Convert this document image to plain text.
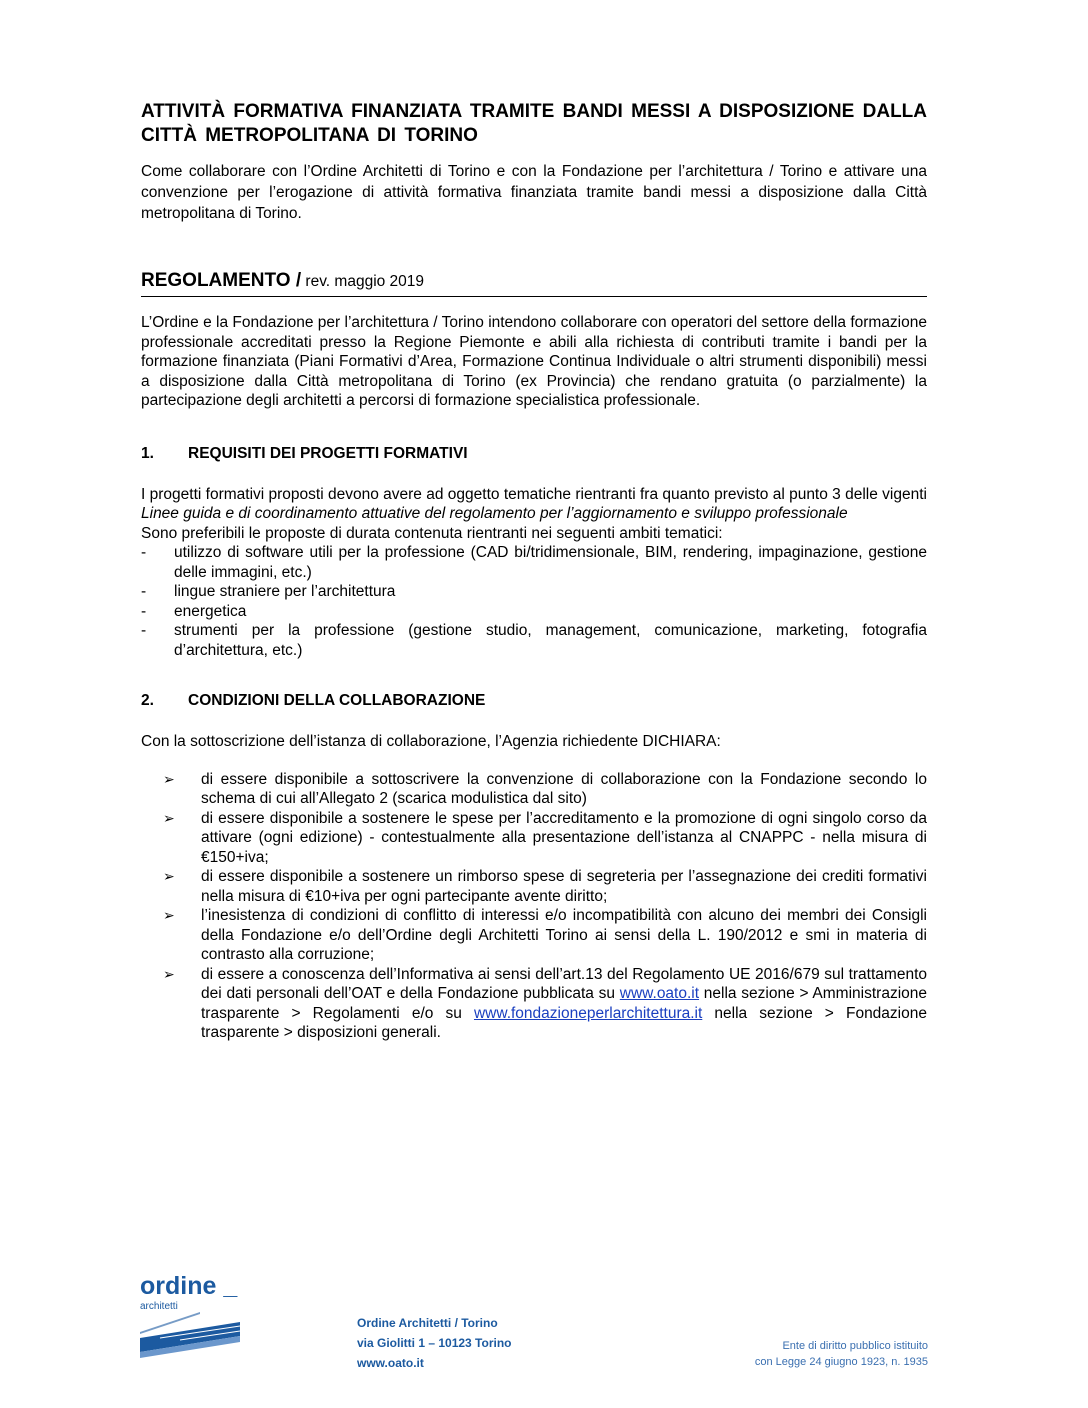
ATTIVITÀ FORMATIVA FINANZIATA TRAMITE BANDI MESSI A DISPOSIZIONE DALLA CITTÀ METROPOLITANA DI TORINO

Come collaborare con l’Ordine Architetti di Torino e con la Fondazione per l’architettura / Torino e attivare una convenzione per l’erogazione di attività formativa finanziata tramite bandi messi a disposizione dalla Città metropolitana di Torino.

REGOLAMENTO / rev. maggio 2019

L’Ordine e la Fondazione per l’architettura / Torino intendono collaborare con operatori del settore della formazione professionale accreditati presso la Regione Piemonte e abili alla richiesta di contributi tramite i bandi per la formazione finanziata (Piani Formativi d’Area, Formazione Continua Individuale o altri strumenti disponibili) messi a disposizione dalla Città metropolitana di Torino (ex Provincia) che rendano gratuita (o parzialmente) la partecipazione degli architetti a percorsi di formazione specialistica professionale.

1.	REQUISITI DEI PROGETTI FORMATIVI

I progetti formativi proposti devono avere ad oggetto tematiche rientranti fra quanto previsto al punto 3 delle vigenti Linee guida e di coordinamento attuative del regolamento per l’aggiornamento e sviluppo professionale

Sono preferibili le proposte di durata contenuta rientranti nei seguenti ambiti tematici:

- utilizzo di software utili per la professione (CAD bi/tridimensionale, BIM, rendering, impaginazione, gestione delle immagini, etc.)
- lingue straniere per l’architettura
- energetica
- strumenti per la professione (gestione studio, management, comunicazione, marketing, fotografia d’architettura, etc.)
2.	CONDIZIONI DELLA COLLABORAZIONE

Con la sottoscrizione dell’istanza di collaborazione, l’Agenzia richiedente DICHIARA:

➢ di essere disponibile a sottoscrivere la convenzione di collaborazione con la Fondazione secondo lo schema di cui all’Allegato 2 (scarica modulistica dal sito)
➢ di essere disponibile a sostenere le spese per l’accreditamento e la promozione di ogni singolo corso da attivare (ogni edizione) - contestualmente alla presentazione dell’istanza al CNAPPC - nella misura di €150+iva;
➢ di essere disponibile a sostenere un rimborso spese di segreteria per l’assegnazione dei crediti formativi nella misura di €10+iva per ogni partecipante avente diritto;
➢ l’inesistenza di condizioni di conflitto di interessi e/o incompatibilità con alcuno dei membri dei Consigli della Fondazione e/o dell’Ordine degli Architetti Torino ai sensi della L. 190/2012 e smi in materia di contrasto alla corruzione;
➢ di essere a conoscenza dell’Informativa ai sensi dell’art.13 del Regolamento UE 2016/679 sul trattamento dei dati personali dell’OAT e della Fondazione pubblicata su www.oato.it nella sezione > Amministrazione trasparente > Regolamenti e/o su www.fondazioneperlarchitettura.it nella sezione > Fondazione trasparente > disposizioni generali.
ordine _
architetti
Ordine Architetti / Torino
via Giolitti 1 – 10123 Torino
www.oato.it
Ente di diritto pubblico istituito
con Legge 24 giugno 1923, n. 1935
